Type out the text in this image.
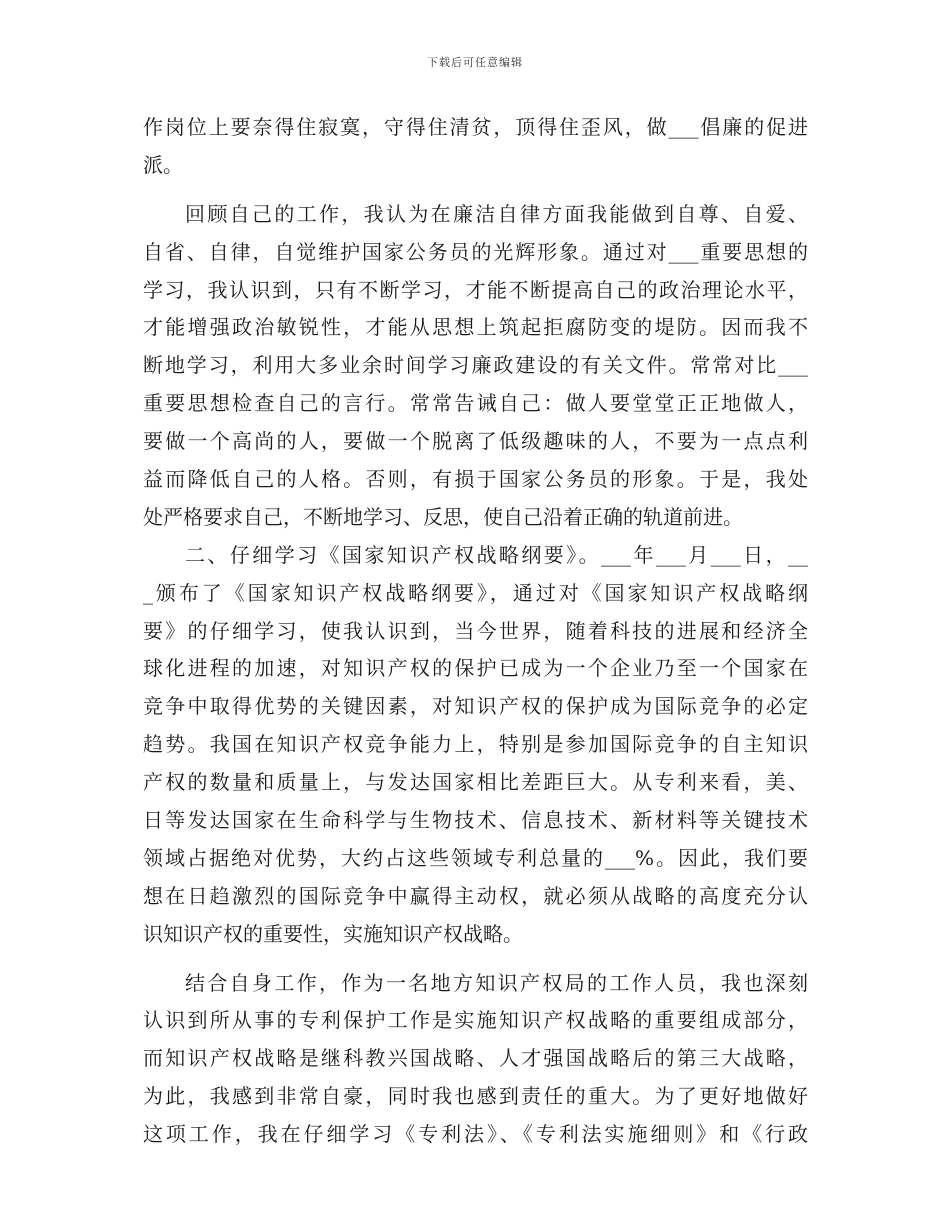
下载后可任意编辑
作岗位上要奈得住寂寞，守得住清贫，顶得住歪风，做___倡廉的促进
派。
回顾自己的工作，我认为在廉洁自律方面我能做到自尊、自爱、
自省、自律，自觉维护国家公务员的光辉形象。通过对___重要思想的
学习，我认识到，只有不断学习，才能不断提高自己的政治理论水平，
才能增强政治敏锐性，才能从思想上筑起拒腐防变的堤防。因而我不
断地学习，利用大多业余时间学习廉政建设的有关文件。常常对比___
重要思想检查自己的言行。常常告诫自己：做人要堂堂正正地做人，
要做一个高尚的人，要做一个脱离了低级趣味的人，不要为一点点利
益而降低自己的人格。否则，有损于国家公务员的形象。于是，我处
处严格要求自己，不断地学习、反思，使自己沿着正确的轨道前进。
二、仔细学习《国家知识产权战略纲要》。___年___月___日，__
_颁布了《国家知识产权战略纲要》，通过对《国家知识产权战略纲
要》的仔细学习，使我认识到，当今世界，随着科技的进展和经济全
球化进程的加速，对知识产权的保护已成为一个企业乃至一个国家在
竞争中取得优势的关键因素，对知识产权的保护成为国际竞争的必定
趋势。我国在知识产权竞争能力上，特别是参加国际竞争的自主知识
产权的数量和质量上，与发达国家相比差距巨大。从专利来看，美、
日等发达国家在生命科学与生物技术、信息技术、新材料等关键技术
领域占据绝对优势，大约占这些领域专利总量的___%。因此，我们要
想在日趋激烈的国际竞争中赢得主动权，就必须从战略的高度充分认
识知识产权的重要性，实施知识产权战略。
结合自身工作，作为一名地方知识产权局的工作人员，我也深刻
认识到所从事的专利保护工作是实施知识产权战略的重要组成部分，
而知识产权战略是继科教兴国战略、人才强国战略后的第三大战略，
为此，我感到非常自豪，同时我也感到责任的重大。为了更好地做好
这项工作，我在仔细学习《专利法》、《专利法实施细则》和《行政
